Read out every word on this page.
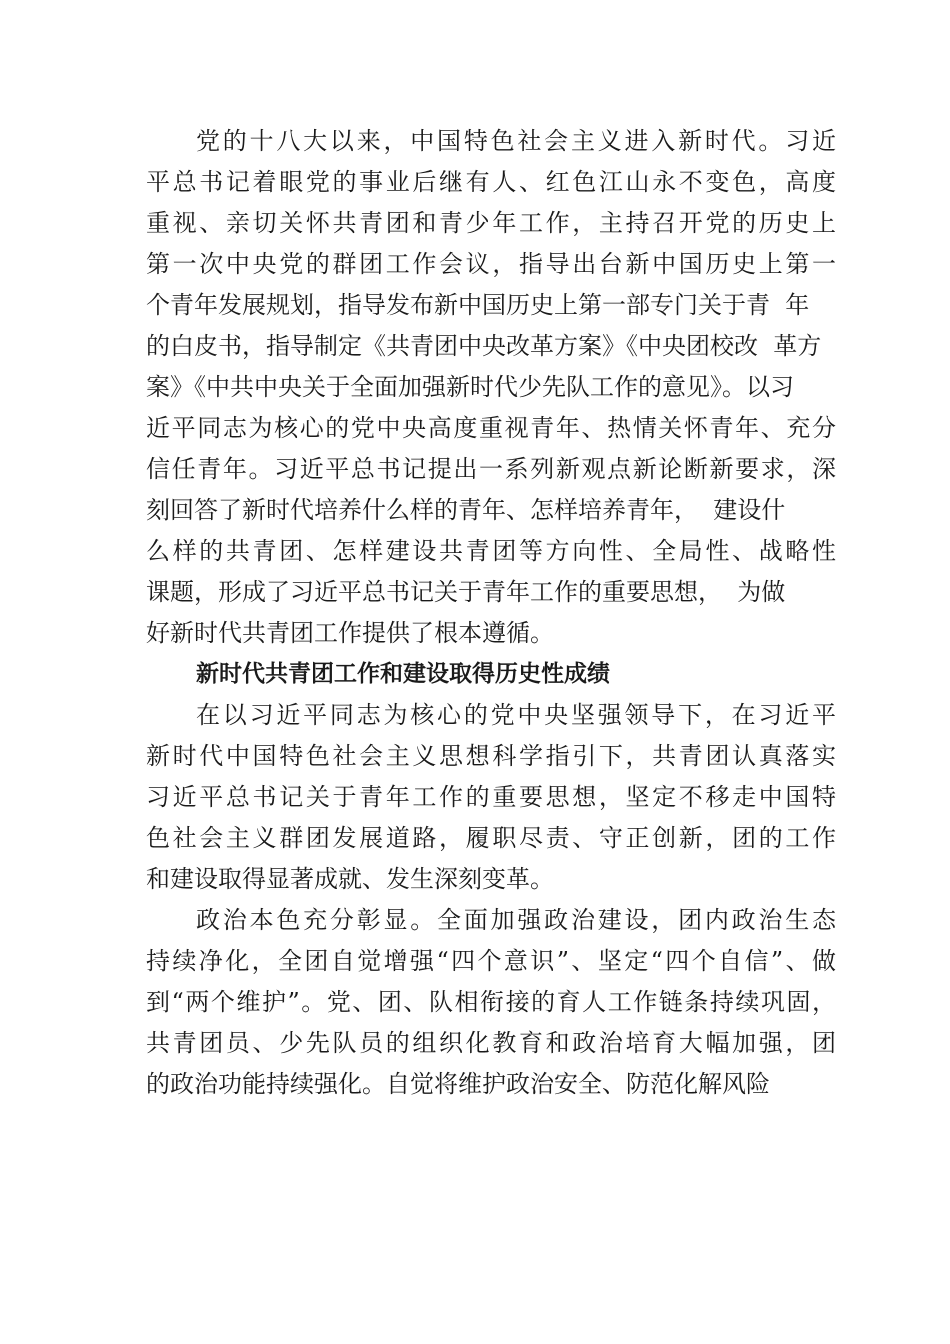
党的十八大以来，中国特色社会主义进入新时代。习近
平总书记着眼党的事业后继有人、红色江山永不变色，高度
重视、亲切关怀共青团和青少年工作，主持召开党的历史上
第一次中央党的群团工作会议，指导出台新中国历史上第一
个青年发展规划，指导发布新中国历史上第一部专门关于青  年
的白皮书，指导制定《共青团中央改革方案》《中央团校改  革方
案》《中共中央关于全面加强新时代少先队工作的意见》。以习
近平同志为核心的党中央高度重视青年、热情关怀青年、充分
信任青年。习近平总书记提出一系列新观点新论断新要求，深
刻回答了新时代培养什么样的青年、怎样培养青年，  建设什
么样的共青团、怎样建设共青团等方向性、全局性、战略性
课题，形成了习近平总书记关于青年工作的重要思想，  为做
好新时代共青团工作提供了根本遵循。
新时代共青团工作和建设取得历史性成绩
在以习近平同志为核心的党中央坚强领导下，在习近平
新时代中国特色社会主义思想科学指引下，共青团认真落实
习近平总书记关于青年工作的重要思想，坚定不移走中国特
色社会主义群团发展道路，履职尽责、守正创新，团的工作
和建设取得显著成就、发生深刻变革。
政治本色充分彰显。全面加强政治建设，团内政治生态
持续净化，全团自觉增强“四个意识”、坚定“四个自信”、做
到“两个维护”。党、团、队相衔接的育人工作链条持续巩固，
共青团员、少先队员的组织化教育和政治培育大幅加强，团
的政治功能持续强化。自觉将维护政治安全、防范化解风险
